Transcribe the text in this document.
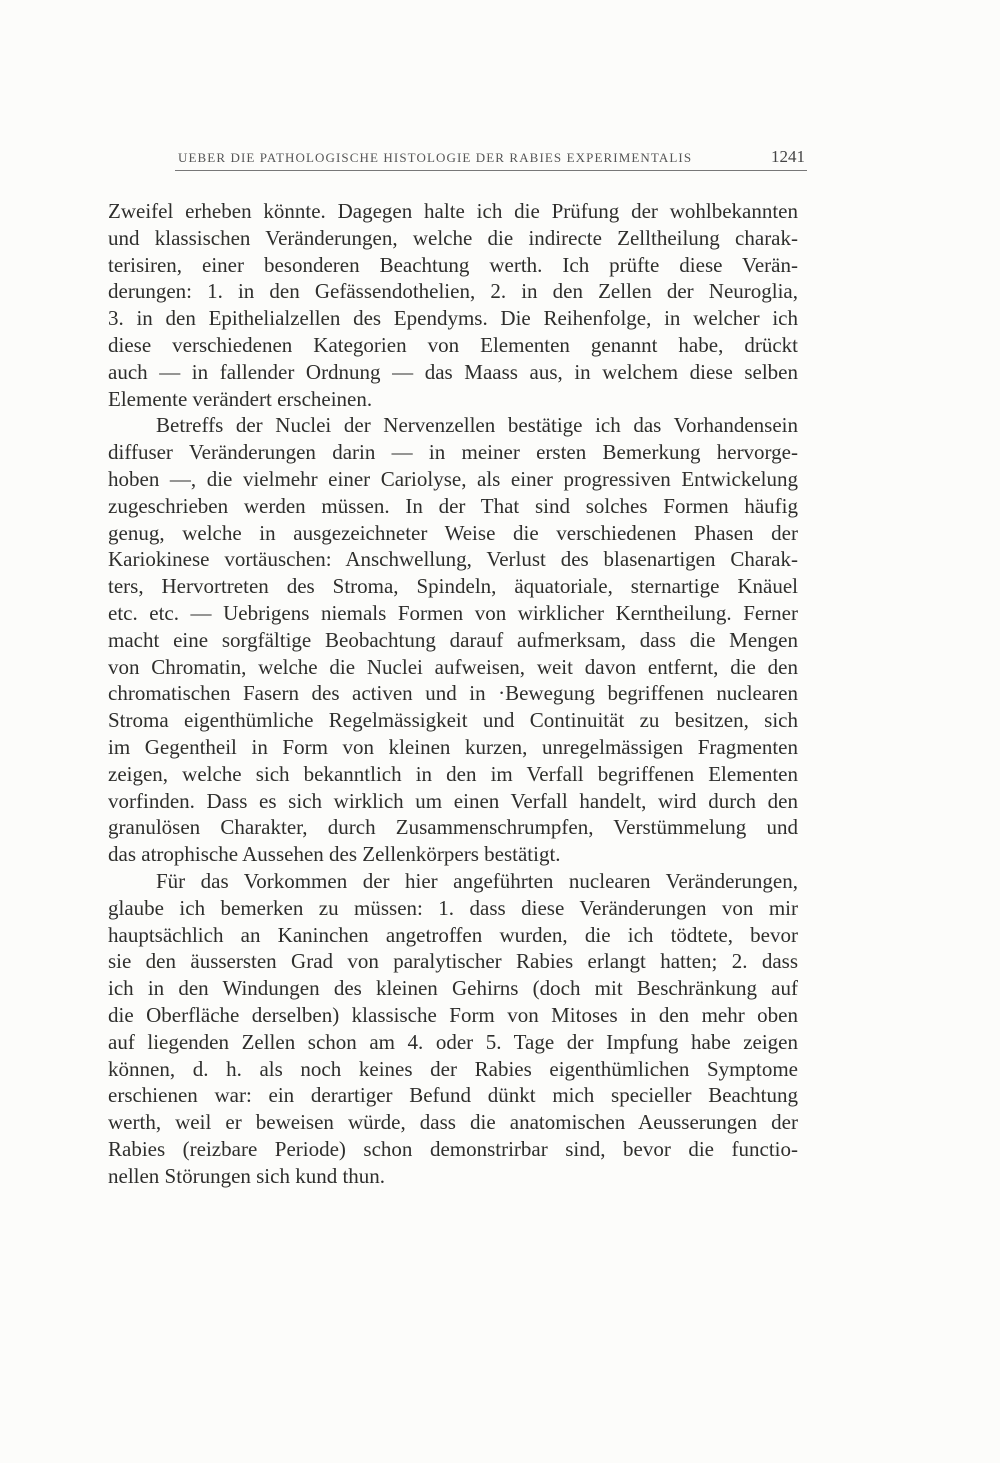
UEBER DIE PATHOLOGISCHE HISTOLOGIE DER RABIES EXPERIMENTALIS	1241
Zweifel erheben könnte. Dagegen halte ich die Prüfung der wohlbekannten
und klassischen Veränderungen, welche die indirecte Zelltheilung charak-
terisiren, einer besonderen Beachtung werth. Ich prüfte diese Verän-
derungen: 1. in den Gefässendothelien, 2. in den Zellen der Neuroglia,
3. in den Epithelialzellen des Ependyms. Die Reihenfolge, in welcher ich
diese verschiedenen Kategorien von Elementen genannt habe, drückt
auch — in fallender Ordnung — das Maass aus, in welchem diese selben
Elemente verändert erscheinen.
Betreffs der Nuclei der Nervenzellen bestätige ich das Vorhandensein
diffuser Veränderungen darin — in meiner ersten Bemerkung hervorge-
hoben —, die vielmehr einer Cariolyse, als einer progressiven Entwickelung
zugeschrieben werden müssen. In der That sind solches Formen häufig
genug, welche in ausgezeichneter Weise die verschiedenen Phasen der
Kariokinese vortäuschen: Anschwellung, Verlust des blasenartigen Charak-
ters, Hervortreten des Stroma, Spindeln, äquatoriale, sternartige Knäuel
etc. etc. — Uebrigens niemals Formen von wirklicher Kerntheilung. Ferner
macht eine sorgfältige Beobachtung darauf aufmerksam, dass die Mengen
von Chromatin, welche die Nuclei aufweisen, weit davon entfernt, die den
chromatischen Fasern des activen und in ·Bewegung begriffenen nuclearen
Stroma eigenthümliche Regelmässigkeit und Continuität zu besitzen, sich
im Gegentheil in Form von kleinen kurzen, unregelmässigen Fragmenten
zeigen, welche sich bekanntlich in den im Verfall begriffenen Elementen
vorfinden. Dass es sich wirklich um einen Verfall handelt, wird durch den
granulösen Charakter, durch Zusammenschrumpfen, Verstümmelung und
das atrophische Aussehen des Zellenkörpers bestätigt.
Für das Vorkommen der hier angeführten nuclearen Veränderungen,
glaube ich bemerken zu müssen: 1. dass diese Veränderungen von mir
hauptsächlich an Kaninchen angetroffen wurden, die ich tödtete, bevor
sie den äussersten Grad von paralytischer Rabies erlangt hatten; 2. dass
ich in den Windungen des kleinen Gehirns (doch mit Beschränkung auf
die Oberfläche derselben) klassische Form von Mitoses in den mehr oben
auf liegenden Zellen schon am 4. oder 5. Tage der Impfung habe zeigen
können, d. h. als noch keines der Rabies eigenthümlichen Symptome
erschienen war: ein derartiger Befund dünkt mich specieller Beachtung
werth, weil er beweisen würde, dass die anatomischen Aeusserungen der
Rabies (reizbare Periode) schon demonstrirbar sind, bevor die functio-
nellen Störungen sich kund thun.
